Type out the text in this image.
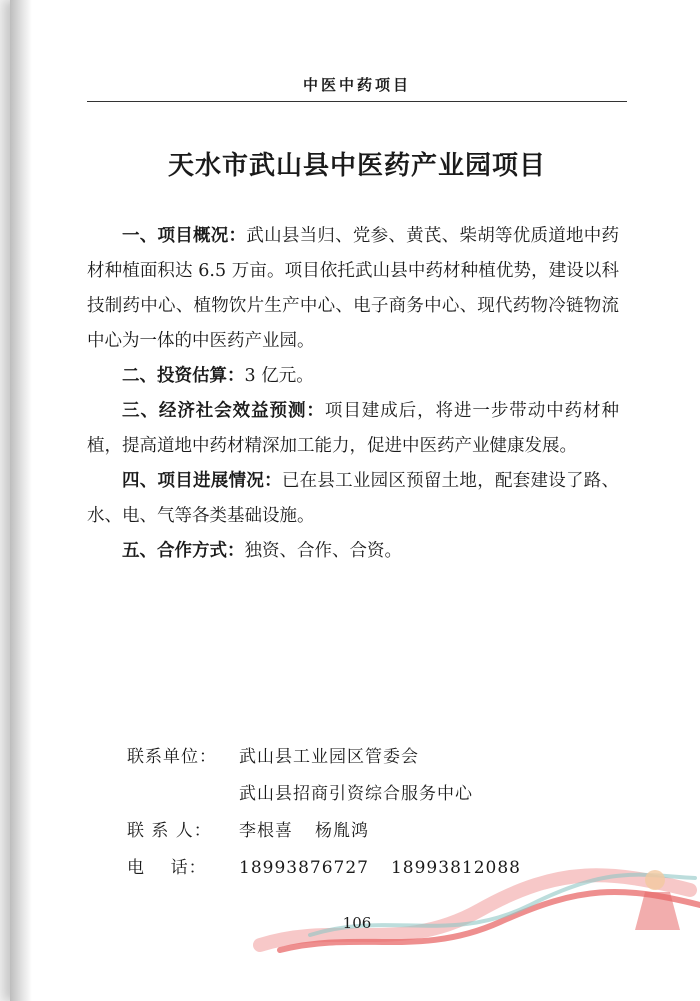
中医中药项目
天水市武山县中医药产业园项目

一、项目概况：武山县当归、党参、黄芪、柴胡等优质道地中药材种植面积达 6.5 万亩。项目依托武山县中药材种植优势，建设以科技制药中心、植物饮片生产中心、电子商务中心、现代药物冷链物流中心为一体的中医药产业园。

二、投资估算：3 亿元。

三、经济社会效益预测：项目建成后，将进一步带动中药材种植，提高道地中药材精深加工能力，促进中医药产业健康发展。

四、项目进展情况：已在县工业园区预留土地，配套建设了路、水、电、气等各类基础设施。

五、合作方式：独资、合作、合资。

联系单位：	武山县工业园区管委会
武山县招商引资综合服务中心
联 系 人：	李根喜 杨胤鸿
电    话：	18993876727 18993812088
106
